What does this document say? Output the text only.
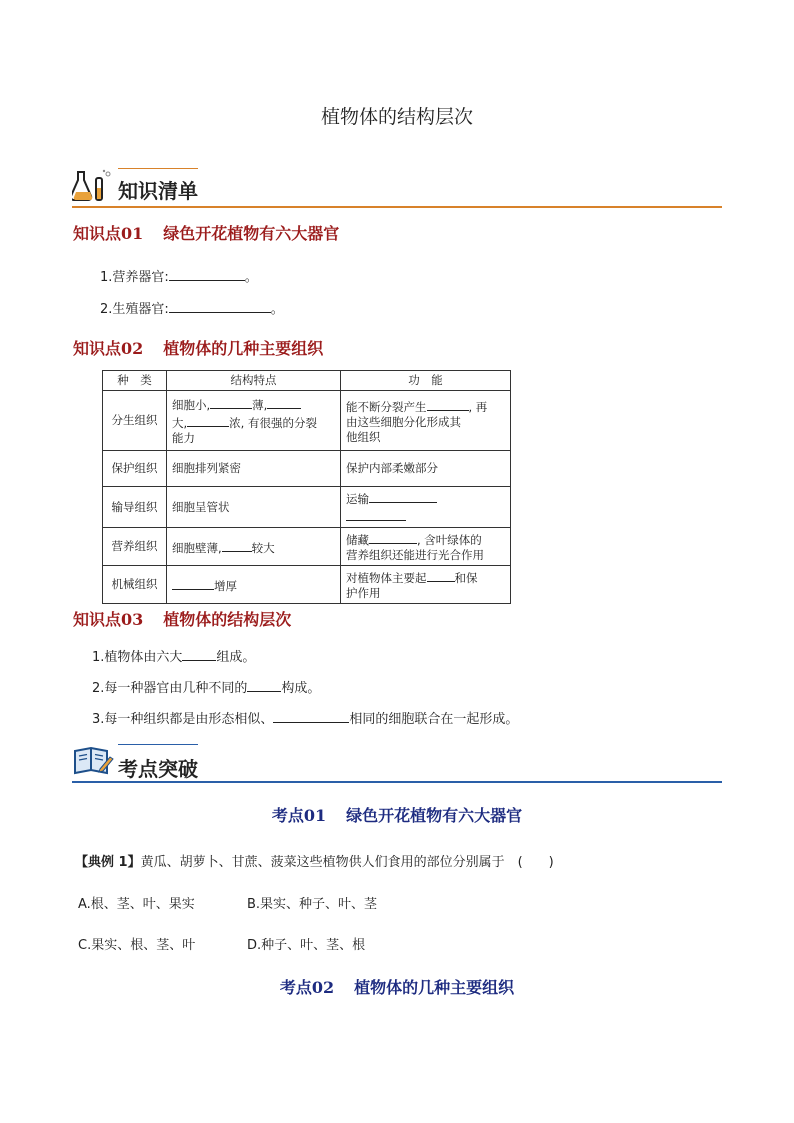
植物体的结构层次
知识清单
知识点01 绿色开花植物有六大器官
1.营养器官:	。
2.生殖器官:	。
知识点02 植物体的几种主要组织
种　类	结构特点	功　能
分生组织	细胞小, 薄,
大, 浓, 有很强的分裂
能力	能不断分裂产生 , 再
由这些细胞分化形成其
他组织
保护组织	细胞排列紧密	保护内部柔嫩部分
输导组织	细胞呈管状	运输

营养组织	细胞壁薄, 较大	储藏 , 含叶绿体的
营养组织还能进行光合作用
机械组织	增厚	对植物体主要起 和保
护作用
知识点03 植物体的结构层次
1.植物体由六大	组成。
2.每一种器官由几种不同的	构成。
3.每一种组织都是由形态相似、	相同的细胞联合在一起形成。
考点突破
考点01 绿色开花植物有六大器官
【典例 1】黄瓜、胡萝卜、甘蔗、菠菜这些植物供人们食用的部位分别属于　(　　)
A.根、茎、叶、果实	B.果实、种子、叶、茎
C.果实、根、茎、叶	D.种子、叶、茎、根
考点02 植物体的几种主要组织
